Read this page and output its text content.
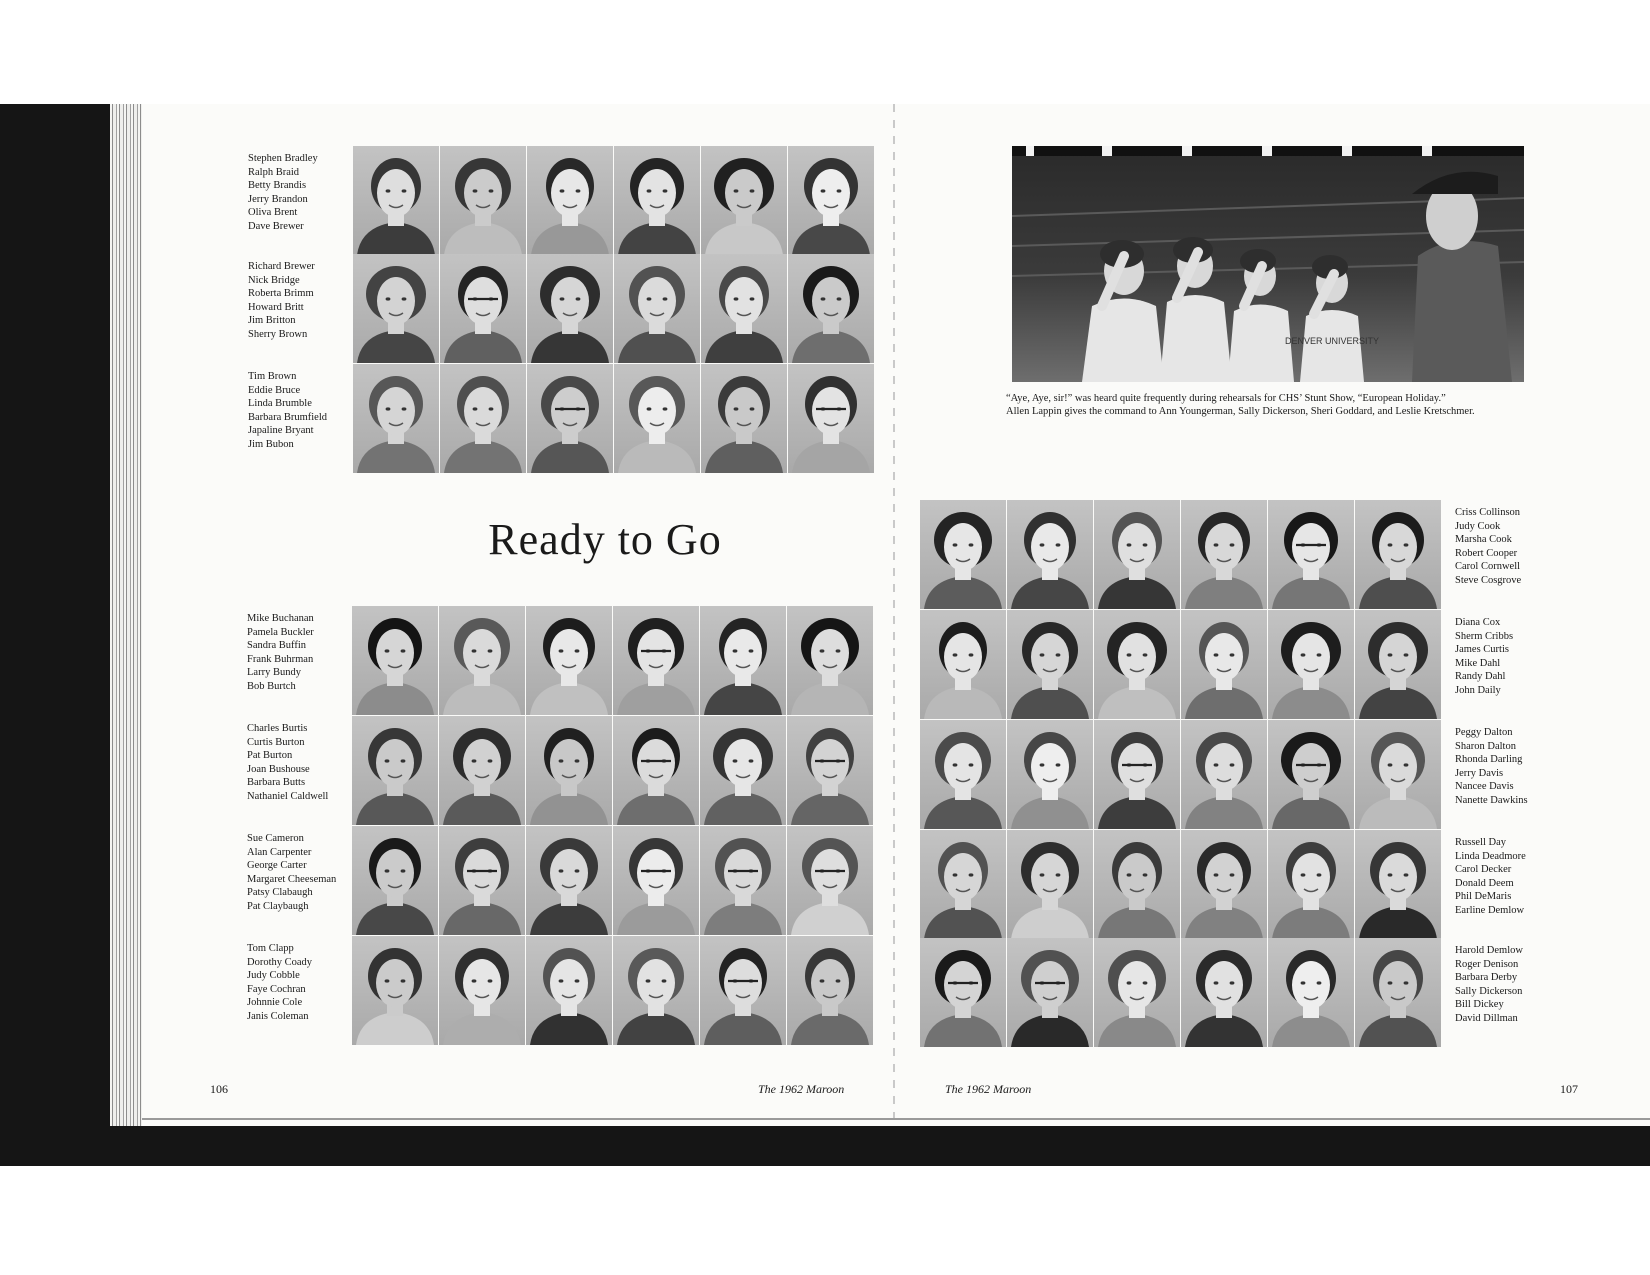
Stephen Bradley
Ralph Braid
Betty Brandis
Jerry Brandon
Oliva Brent
Dave Brewer
Richard Brewer
Nick Bridge
Roberta Brimm
Howard Britt
Jim Britton
Sherry Brown
Tim Brown
Eddie Bruce
Linda Brumble
Barbara Brumfield
Japaline Bryant
Jim Bubon
Ready to Go
Mike Buchanan
Pamela Buckler
Sandra Buffin
Frank Buhrman
Larry Bundy
Bob Burtch
Charles Burtis
Curtis Burton
Pat Burton
Joan Bushouse
Barbara Butts
Nathaniel Caldwell
Sue Cameron
Alan Carpenter
George Carter
Margaret Cheeseman
Patsy Clabaugh
Pat Claybaugh
Tom Clapp
Dorothy Coady
Judy Cobble
Faye Cochran
Johnnie Cole
Janis Coleman
106	The 1962 Maroon
DENVER UNIVERSITY
“Aye, Aye, sir!” was heard quite frequently during rehearsals for CHS’ Stunt Show, “European Holiday.”
Allen Lappin gives the command to Ann Youngerman, Sally Dickerson, Sheri Goddard, and Leslie Kretschmer.
Criss Collinson
Judy Cook
Marsha Cook
Robert Cooper
Carol Cornwell
Steve Cosgrove
Diana Cox
Sherm Cribbs
James Curtis
Mike Dahl
Randy Dahl
John Daily
Peggy Dalton
Sharon Dalton
Rhonda Darling
Jerry Davis
Nancee Davis
Nanette Dawkins
Russell Day
Linda Deadmore
Carol Decker
Donald Deem
Phil DeMaris
Earline Demlow
Harold Demlow
Roger Denison
Barbara Derby
Sally Dickerson
Bill Dickey
David Dillman
The 1962 Maroon	107
